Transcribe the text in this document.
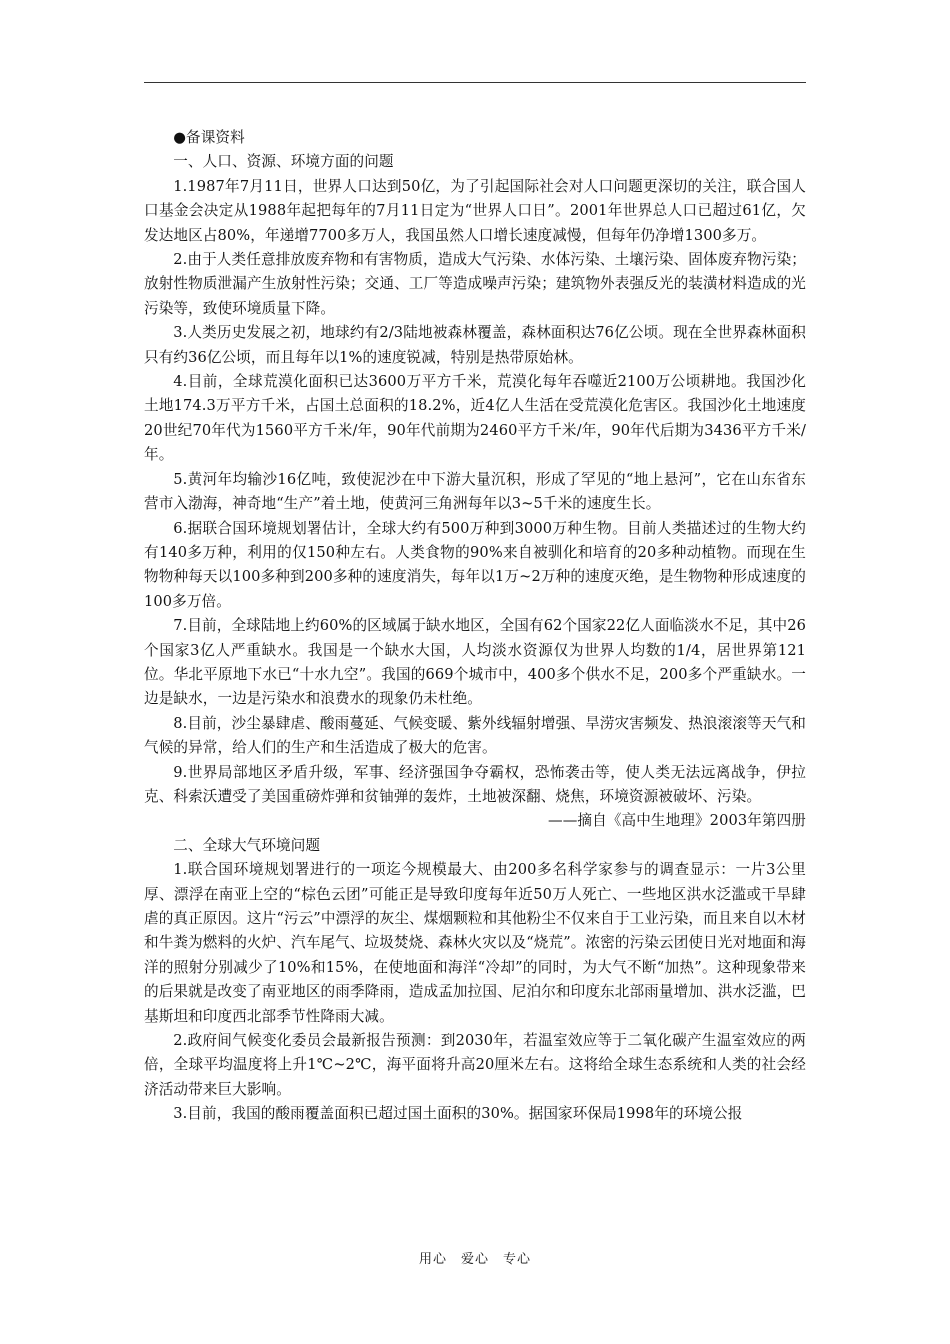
●备课资料

一、人口、资源、环境方面的问题

1.1987年7月11日，世界人口达到50亿，为了引起国际社会对人口问题更深切的关注，联合国人口基金会决定从1988年起把每年的7月11日定为“世界人口日”。2001年世界总人口已超过61亿，欠发达地区占80%，年递增7700多万人，我国虽然人口增长速度减慢，但每年仍净增1300多万。

2.由于人类任意排放废弃物和有害物质，造成大气污染、水体污染、土壤污染、固体废弃物污染；放射性物质泄漏产生放射性污染；交通、工厂等造成噪声污染；建筑物外表强反光的装潢材料造成的光污染等，致使环境质量下降。

3.人类历史发展之初，地球约有2/3陆地被森林覆盖，森林面积达76亿公顷。现在全世界森林面积只有约36亿公顷，而且每年以1%的速度锐减，特别是热带原始林。

4.目前，全球荒漠化面积已达3600万平方千米，荒漠化每年吞噬近2100万公顷耕地。我国沙化土地174.3万平方千米，占国土总面积的18.2%，近4亿人生活在受荒漠化危害区。我国沙化土地速度20世纪70年代为1560平方千米/年，90年代前期为2460平方千米/年，90年代后期为3436平方千米/年。

5.黄河年均输沙16亿吨，致使泥沙在中下游大量沉积，形成了罕见的“地上悬河”，它在山东省东营市入渤海，神奇地“生产”着土地，使黄河三角洲每年以3~5千米的速度生长。

6.据联合国环境规划署估计，全球大约有500万种到3000万种生物。目前人类描述过的生物大约有140多万种，利用的仅150种左右。人类食物的90%来自被驯化和培育的20多种动植物。而现在生物物种每天以100多种到200多种的速度消失，每年以1万~2万种的速度灭绝，是生物物种形成速度的100多万倍。

7.目前，全球陆地上约60%的区域属于缺水地区，全国有62个国家22亿人面临淡水不足，其中26个国家3亿人严重缺水。我国是一个缺水大国，人均淡水资源仅为世界人均数的1/4，居世界第121位。华北平原地下水已“十水九空”。我国的669个城市中，400多个供水不足，200多个严重缺水。一边是缺水，一边是污染水和浪费水的现象仍未杜绝。

8.目前，沙尘暴肆虐、酸雨蔓延、气候变暖、紫外线辐射增强、旱涝灾害频发、热浪滚滚等天气和气候的异常，给人们的生产和生活造成了极大的危害。

9.世界局部地区矛盾升级，军事、经济强国争夺霸权，恐怖袭击等，使人类无法远离战争，伊拉克、科索沃遭受了美国重磅炸弹和贫铀弹的轰炸，土地被深翻、烧焦，环境资源被破坏、污染。

——摘自《高中生地理》2003年第四册

二、全球大气环境问题

1.联合国环境规划署进行的一项迄今规模最大、由200多名科学家参与的调查显示：一片3公里厚、漂浮在南亚上空的“棕色云团”可能正是导致印度每年近50万人死亡、一些地区洪水泛滥或干旱肆虐的真正原因。这片“污云”中漂浮的灰尘、煤烟颗粒和其他粉尘不仅来自于工业污染，而且来自以木材和牛粪为燃料的火炉、汽车尾气、垃圾焚烧、森林火灾以及“烧荒”。浓密的污染云团使日光对地面和海洋的照射分别减少了10%和15%，在使地面和海洋“冷却”的同时，为大气不断“加热”。这种现象带来的后果就是改变了南亚地区的雨季降雨，造成孟加拉国、尼泊尔和印度东北部雨量增加、洪水泛滥，巴基斯坦和印度西北部季节性降雨大减。

2.政府间气候变化委员会最新报告预测：到2030年，若温室效应等于二氧化碳产生温室效应的两倍，全球平均温度将上升1℃~2℃，海平面将升高20厘米左右。这将给全球生态系统和人类的社会经济活动带来巨大影响。

3.目前，我国的酸雨覆盖面积已超过国土面积的30%。据国家环保局1998年的环境公报

用心　爱心　专心
